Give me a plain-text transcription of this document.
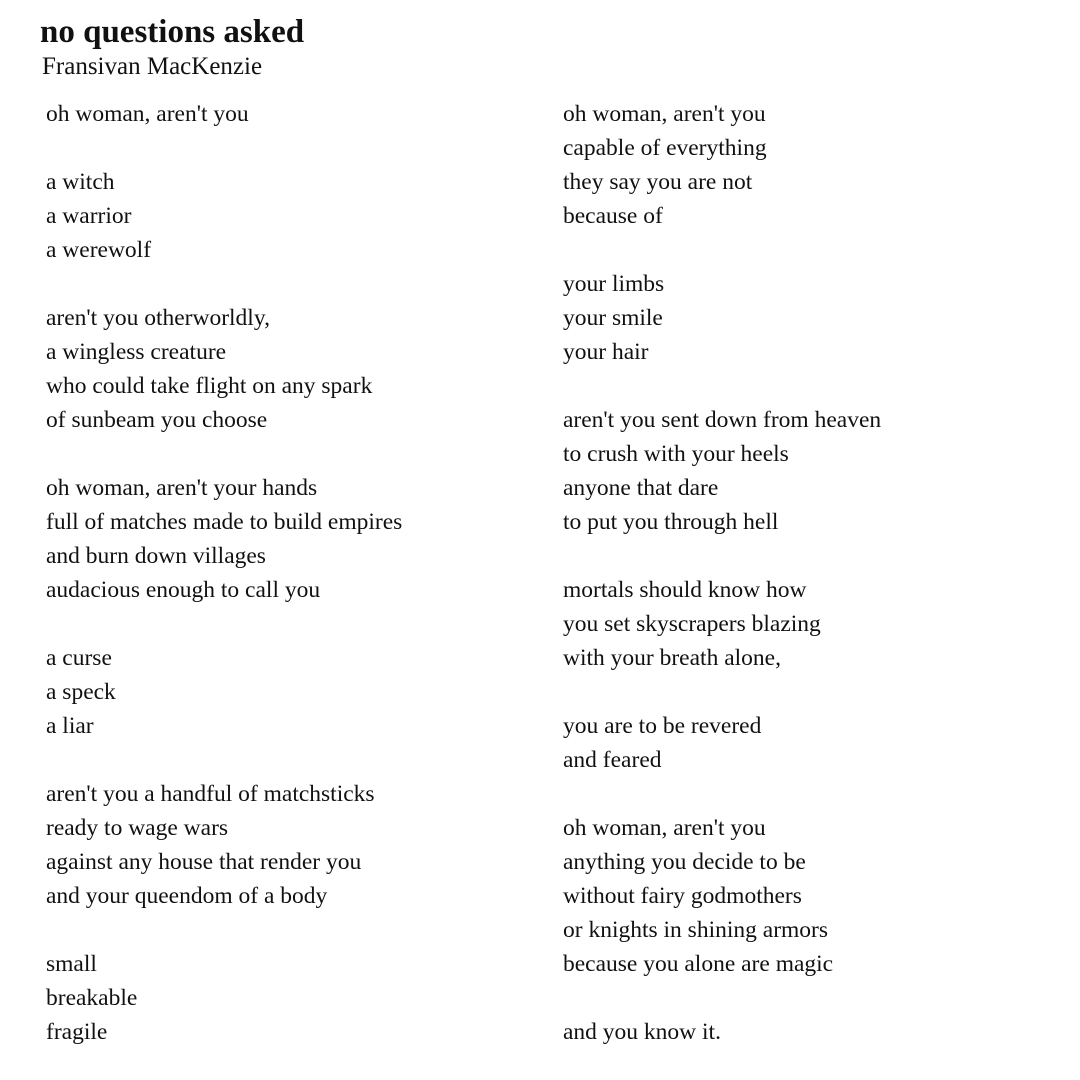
no questions asked
Fransivan MacKenzie
oh woman, aren't you
a witch
a warrior
a werewolf
aren't you otherworldly,
a wingless creature
who could take flight on any spark
of sunbeam you choose
oh woman, aren't your hands
full of matches made to build empires
and burn down villages
audacious enough to call you
a curse
a speck
a liar
aren't you a handful of matchsticks
ready to wage wars
against any house that render you
and your queendom of a body
small
breakable
fragile
oh woman, aren't you
capable of everything
they say you are not
because of
your limbs
your smile
your hair
aren't you sent down from heaven
to crush with your heels
anyone that dare
to put you through hell
mortals should know how
you set skyscrapers blazing
with your breath alone,
you are to be revered
and feared
oh woman, aren't you
anything you decide to be
without fairy godmothers
or knights in shining armors
because you alone are magic
and you know it.
